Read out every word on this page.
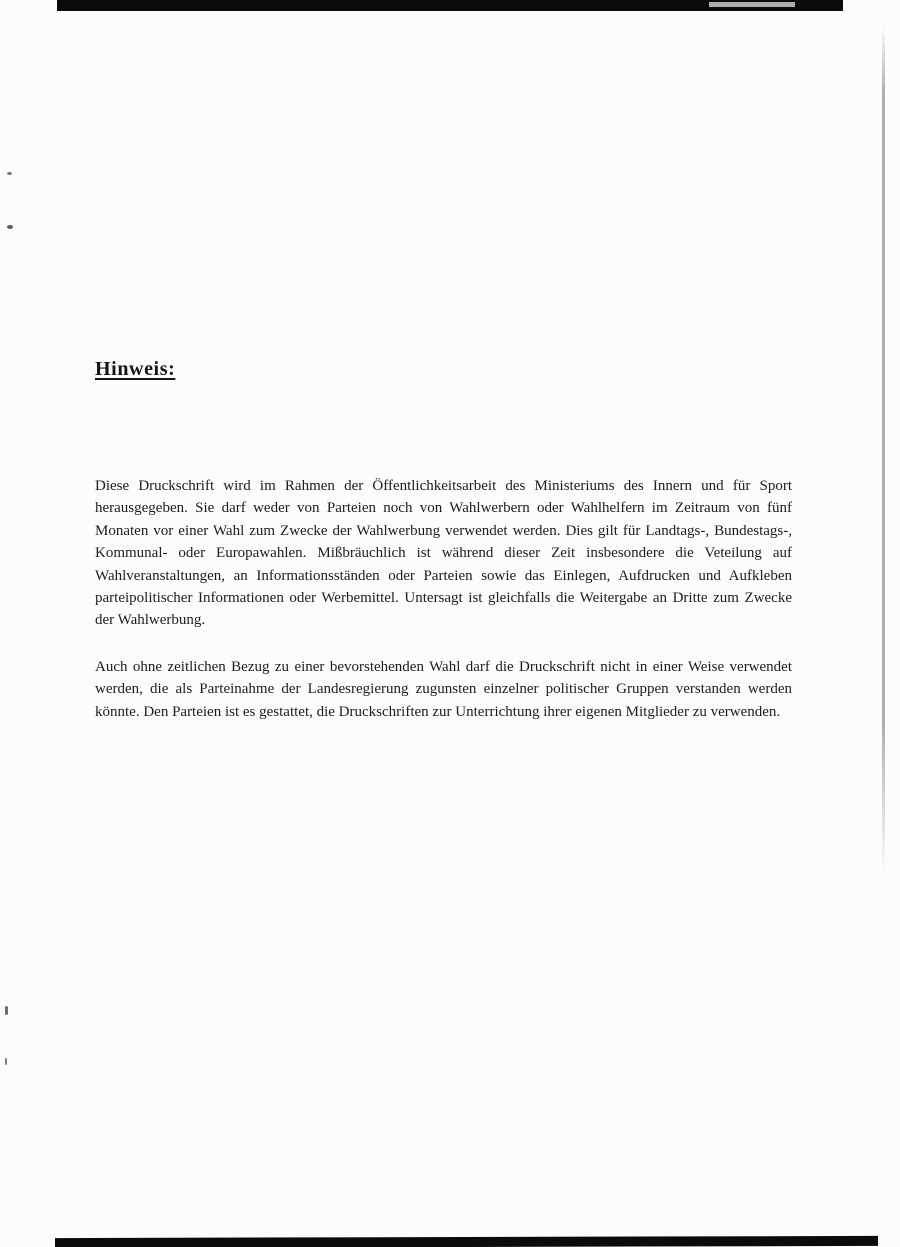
Hinweis:

Diese Druckschrift wird im Rahmen der Öffentlichkeitsarbeit des Ministeriums des Innern und für Sport herausgegeben. Sie darf weder von Parteien noch von Wahlwerbern oder Wahlhelfern im Zeitraum von fünf Monaten vor einer Wahl zum Zwecke der Wahlwerbung verwendet werden. Dies gilt für Landtags-, Bundestags-, Kommunal- oder Europawahlen. Mißbräuchlich ist während dieser Zeit insbesondere die Veteilung auf Wahlveranstaltungen, an Informationsständen oder Parteien sowie das Einlegen, Aufdrucken und Aufkleben parteipolitischer Informationen oder Werbemittel. Untersagt ist gleichfalls die Weitergabe an Dritte zum Zwecke der Wahlwerbung.

Auch ohne zeitlichen Bezug zu einer bevorstehenden Wahl darf die Druckschrift nicht in einer Weise verwendet werden, die als Parteinahme der Landesregierung zugunsten einzelner politischer Gruppen verstanden werden könnte. Den Parteien ist es gestattet, die Druckschriften zur Unterrichtung ihrer eigenen Mitglieder zu verwenden.
